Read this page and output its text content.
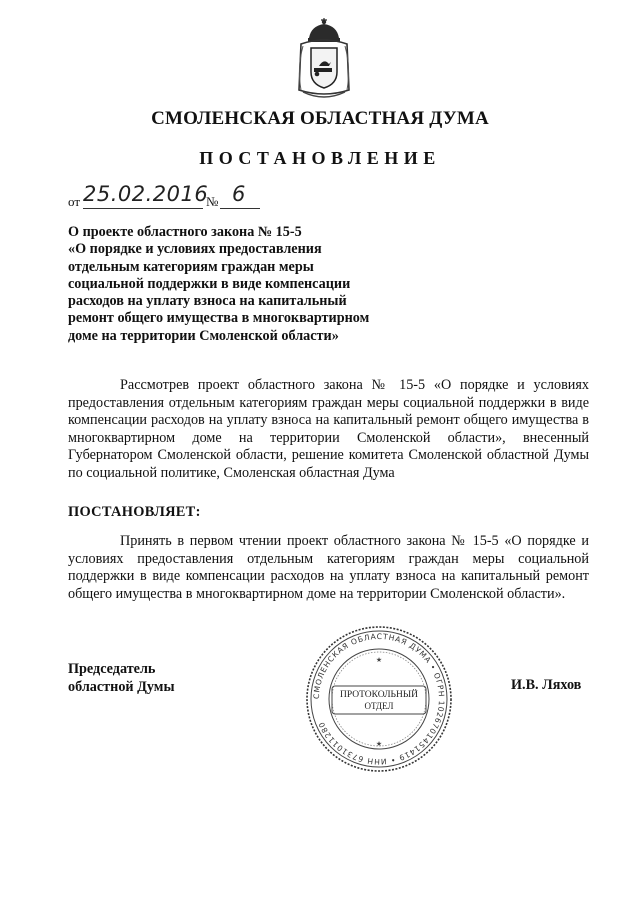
СМОЛЕНСКАЯ ОБЛАСТНАЯ ДУМА
ПОСТАНОВЛЕНИЕ
от 25.02.2016
№ 6
О проекте областного закона № 15-5
«О порядке и условиях предоставления
отдельным категориям граждан меры
социальной поддержки в виде компенсации
расходов на уплату взноса на капитальный
ремонт общего имущества в многоквартирном
доме на территории Смоленской области»
Рассмотрев проект областного закона № 15-5 «О порядке и условиях предоставления отдельным категориям граждан меры социальной поддержки в виде компенсации расходов на уплату взноса на капитальный ремонт общего имущества в многоквартирном доме на территории Смоленской области», внесенный Губернатором Смоленской области, решение комитета Смоленской областной Думы по социальной политике, Смоленская областная Дума
ПОСТАНОВЛЯЕТ:
Принять в первом чтении проект областного закона № 15-5 «О порядке и условиях предоставления отдельным категориям граждан меры социальной поддержки в виде компенсации расходов на уплату взноса на капитальный ремонт общего имущества в многоквартирном доме на территории Смоленской области».
Председатель
областной Думы	И.В. Ляхов
СМОЛЕНСКАЯ ОБЛАСТНАЯ ДУМА • ОГРН 1026701451419 • ИНН 6731011280
ПРОТОКОЛЬНЫЙ
ОТДЕЛ
★
★
